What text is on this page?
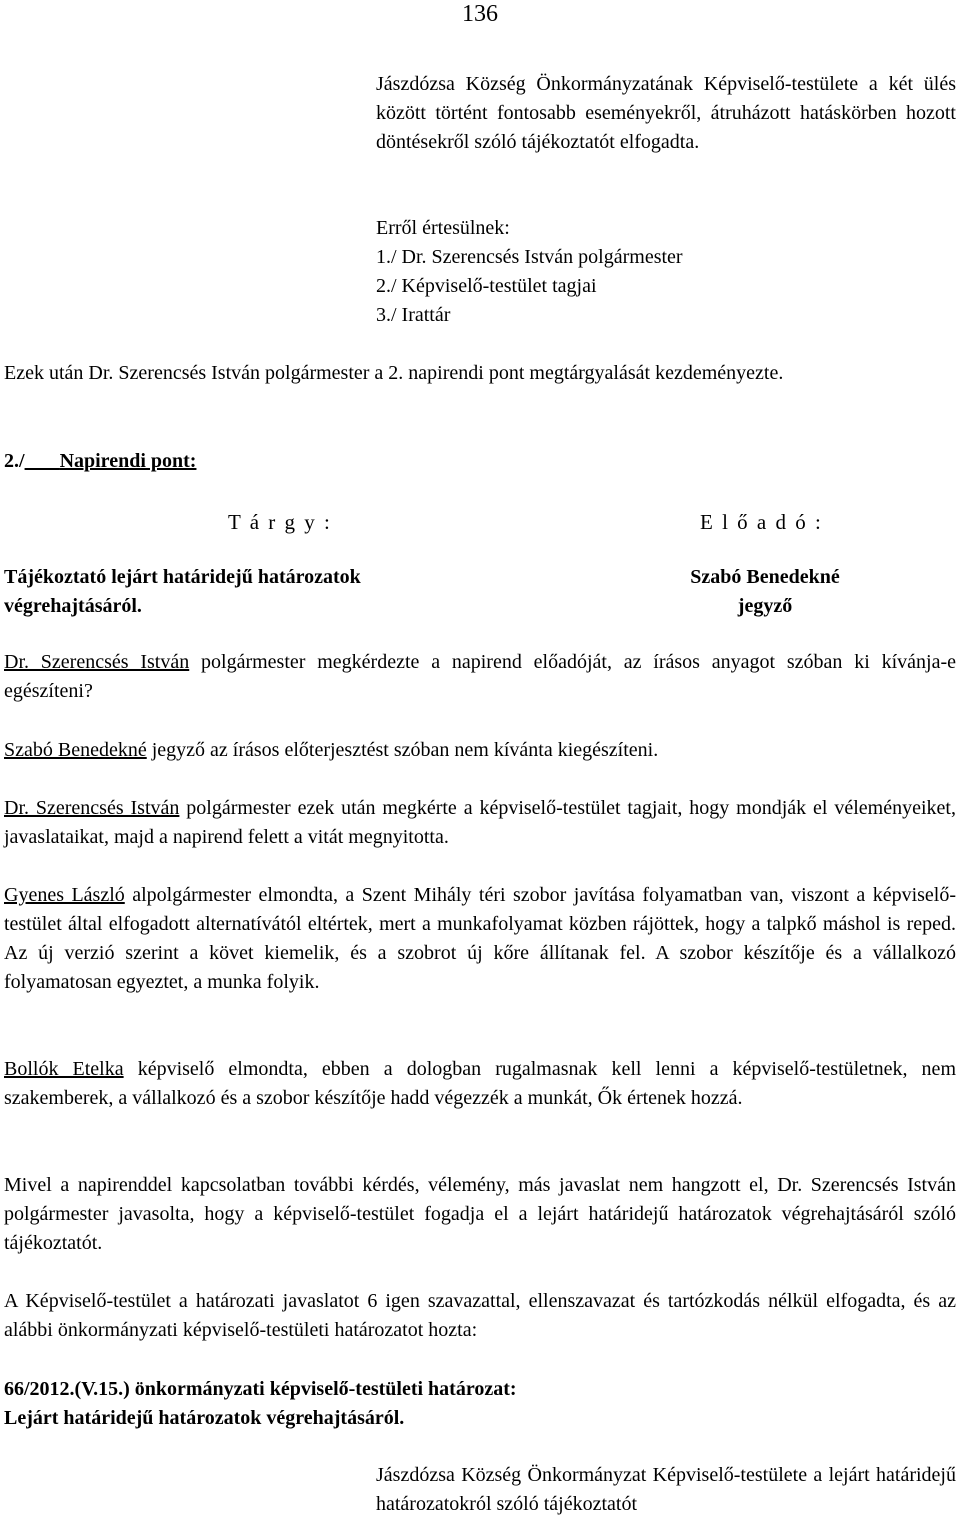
136

Jászdózsa Község Önkormányzatának Képviselő-testülete a két ülés között történt fontosabb eseményekről, átruházott hatáskörben hozott döntésekről szóló tájékoztatót elfogadta.

Erről értesülnek:
1./ Dr. Szerencsés István polgármester
2./ Képviselő-testület tagjai
3./ Irattár

Ezek után Dr. Szerencsés István polgármester a 2. napirendi pont megtárgyalását kezdeményezte.

2./ Napirendi pont:
T á r g y :	E l ő a d ó :
Tájékoztató lejárt határidejű határozatok
végrehajtásáról.
Szabó Benedekné
jegyző

Dr. Szerencsés István polgármester megkérdezte a napirend előadóját, az írásos anyagot szóban ki kívánja-e egészíteni?

Szabó Benedekné jegyző az írásos előterjesztést szóban nem kívánta kiegészíteni.

Dr. Szerencsés István polgármester ezek után megkérte a képviselő-testület tagjait, hogy mondják el véleményeiket, javaslataikat, majd a napirend felett a vitát megnyitotta.

Gyenes László alpolgármester elmondta, a Szent Mihály téri szobor javítása folyamatban van, viszont a képviselő-testület által elfogadott alternatívától eltértek, mert a munkafolyamat közben rájöttek, hogy a talpkő máshol is reped. Az új verzió szerint a követ kiemelik, és a szobrot új kőre állítanak fel. A szobor készítője és a vállalkozó folyamatosan egyeztet, a munka folyik.

Bollók Etelka képviselő elmondta, ebben a dologban rugalmasnak kell lenni a képviselő-testületnek, nem szakemberek, a vállalkozó és a szobor készítője hadd végezzék a munkát, Ők értenek hozzá.

Mivel a napirenddel kapcsolatban további kérdés, vélemény, más javaslat nem hangzott el, Dr. Szerencsés István polgármester javasolta, hogy a képviselő-testület fogadja el a lejárt határidejű határozatok végrehajtásáról szóló tájékoztatót.

A Képviselő-testület a határozati javaslatot 6 igen szavazattal, ellenszavazat és tartózkodás nélkül elfogadta, és az alábbi önkormányzati képviselő-testületi határozatot hozta:

66/2012.(V.15.) önkormányzati képviselő-testületi határozat:
Lejárt határidejű határozatok végrehajtásáról.

Jászdózsa Község Önkormányzat Képviselő-testülete a lejárt határidejű határozatokról szóló tájékoztatót
